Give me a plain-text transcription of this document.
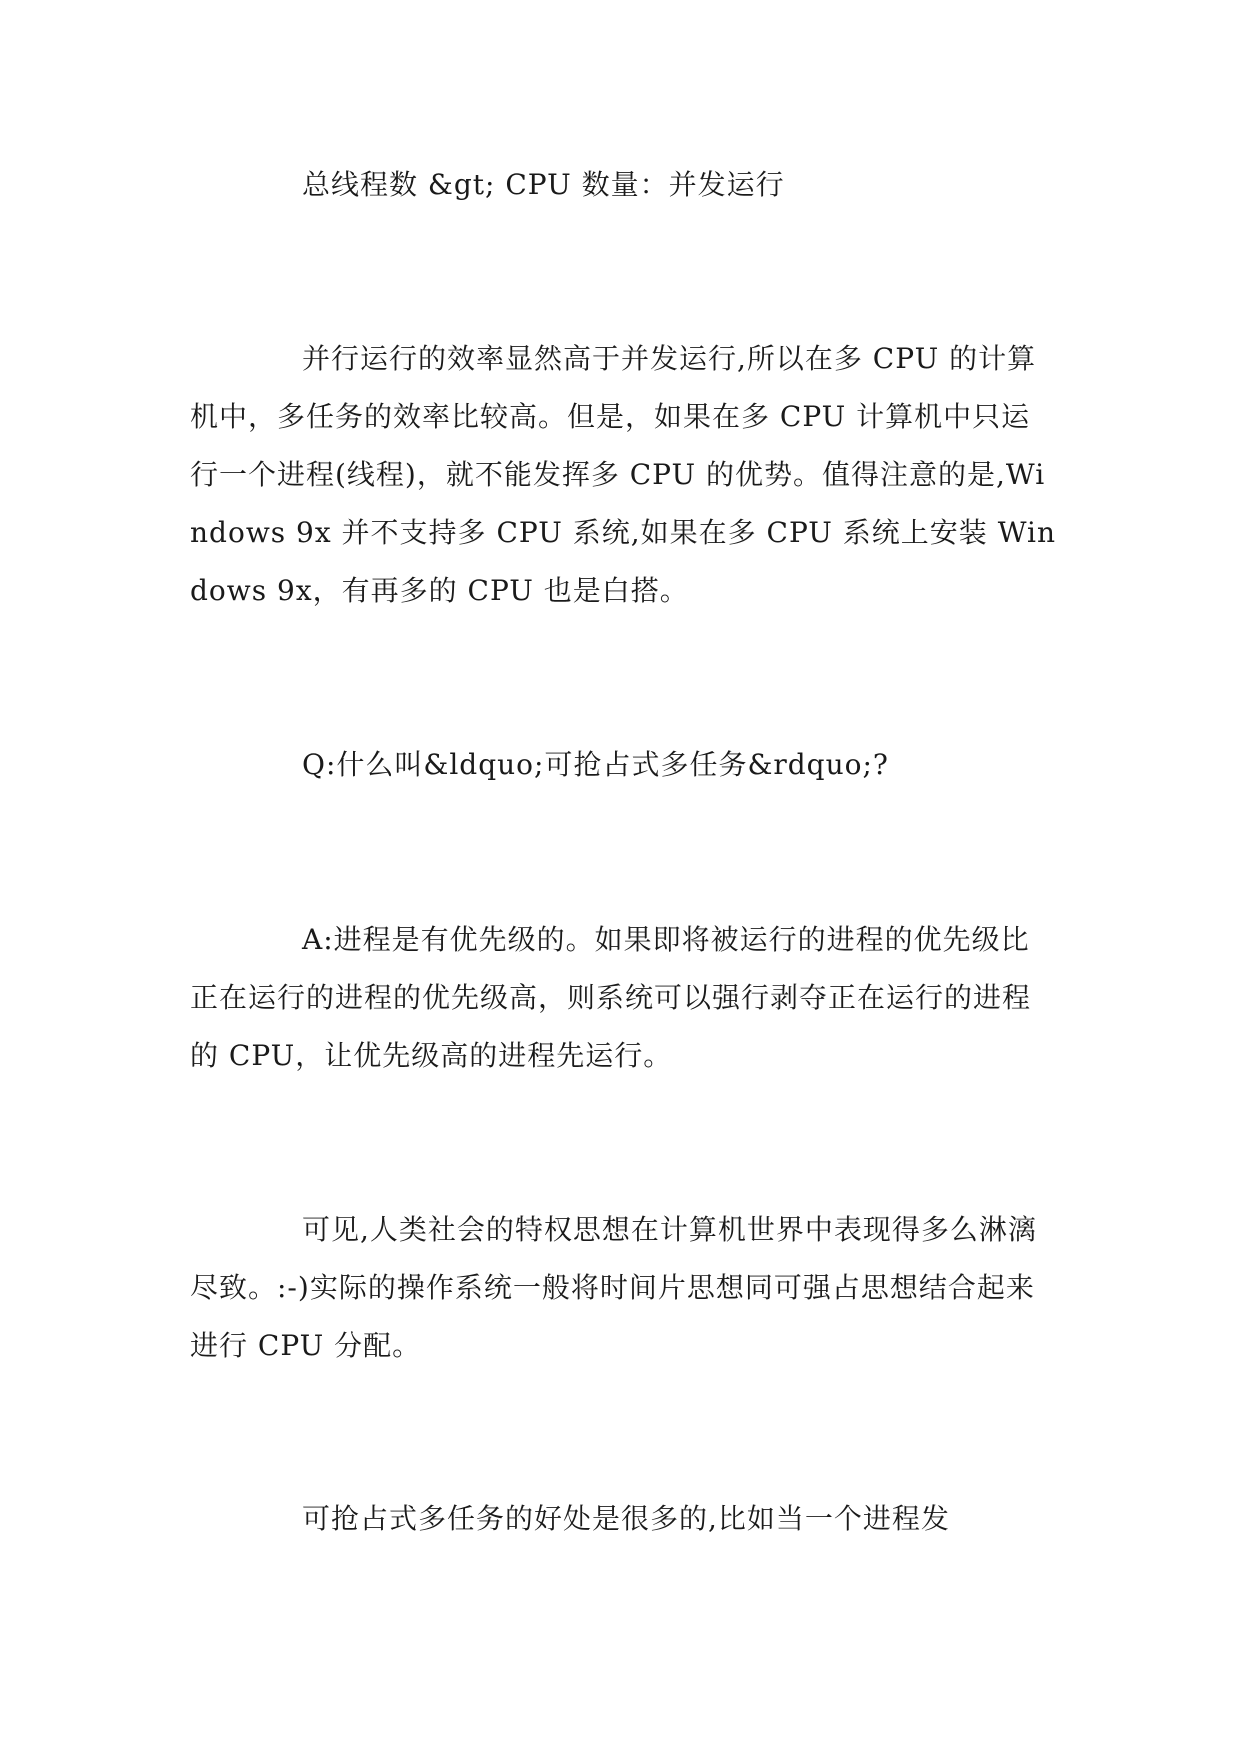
总线程数 &gt; CPU 数量：并发运行

并行运行的效率显然高于并发运行,所以在多 CPU 的计算机中，多任务的效率比较高。但是，如果在多 CPU 计算机中只运行一个进程(线程)，就不能发挥多 CPU 的优势。值得注意的是,Windows 9x 并不支持多 CPU 系统,如果在多 CPU 系统上安装 Windows 9x，有再多的 CPU 也是白搭。

Q:什么叫&ldquo;可抢占式多任务&rdquo;?

A:进程是有优先级的。如果即将被运行的进程的优先级比正在运行的进程的优先级高，则系统可以强行剥夺正在运行的进程的 CPU，让优先级高的进程先运行。

可见,人类社会的特权思想在计算机世界中表现得多么淋漓尽致。:-)实际的操作系统一般将时间片思想同可强占思想结合起来进行 CPU 分配。

可抢占式多任务的好处是很多的,比如当一个进程发
